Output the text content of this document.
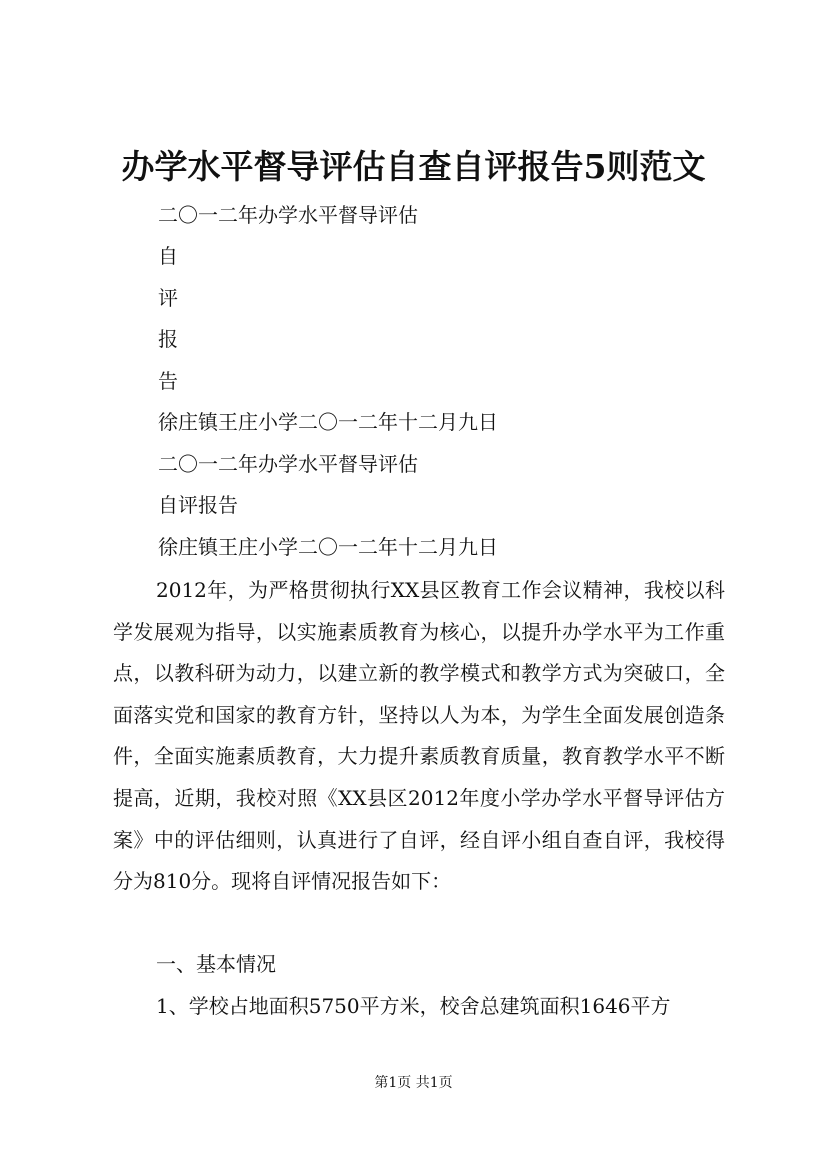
办学水平督导评估自查自评报告5则范文
二〇一二年办学水平督导评估
自
评
报
告
徐庄镇王庄小学二〇一二年十二月九日
二〇一二年办学水平督导评估
自评报告
徐庄镇王庄小学二〇一二年十二月九日

2012年，为严格贯彻执行XX县区教育工作会议精神，我校以科学发展观为指导，以实施素质教育为核心，以提升办学水平为工作重点，以教科研为动力，以建立新的教学模式和教学方式为突破口，全面落实党和国家的教育方针，坚持以人为本，为学生全面发展创造条件，全面实施素质教育，大力提升素质教育质量，教育教学水平不断提高，近期，我校对照《XX县区2012年度小学办学水平督导评估方案》中的评估细则，认真进行了自评，经自评小组自查自评，我校得分为810分。现将自评情况报告如下：

一、基本情况

1、学校占地面积5750平方米，校舍总建筑面积1646平方

第1页 共1页
